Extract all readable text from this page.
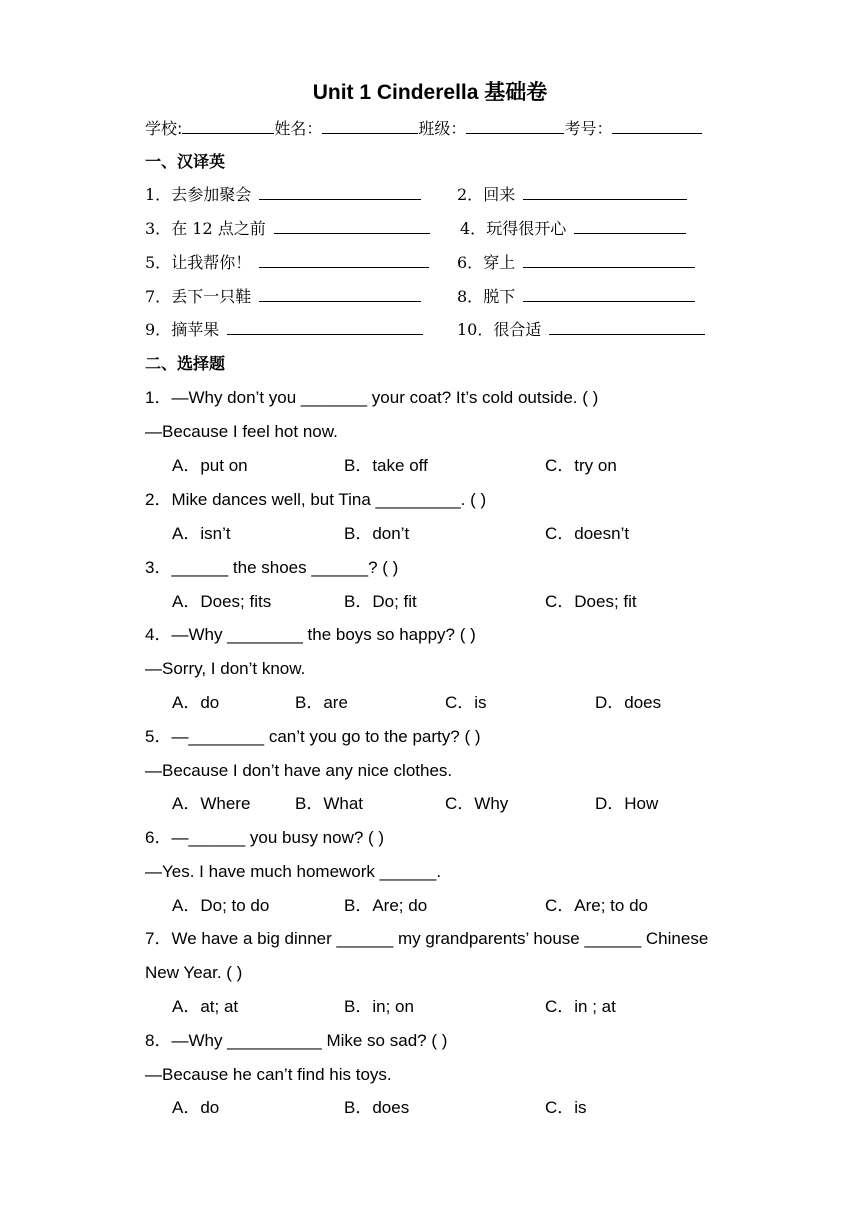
Unit 1 Cinderella 基础卷
学校:	姓名：	班级：	考号：
一、汉译英
1．去参加聚会	2．回来
3．在 12 点之前	4．玩得很开心
5．让我帮你！	6．穿上
7．丢下一只鞋	8．脱下
9．摘苹果	10．很合适
二、选择题
1．—Why don’t you _______ your coat? It’s cold outside. ( )
—Because I feel hot now.
A．put on	B．take off	C．try on
2．Mike dances well, but Tina _________. ( )
A．isn’t	B．don’t	C．doesn’t
3．______ the shoes ______? ( )
A．Does; fits	B．Do; fit	C．Does; fit
4．—Why ________ the boys so happy? ( )
—Sorry, I don’t know.
A．do	B．are	C．is	D．does
5．—________ can’t you go to the party? ( )
—Because I don’t have any nice clothes.
A．Where	B．What	C．Why	D．How
6．—______ you busy now? ( )
—Yes. I have much homework ______.
A．Do; to do	B．Are; do	C．Are; to do
7．We have a big dinner ______ my grandparents’ house ______ Chinese
New Year. ( )
A．at; at	B．in; on	C．in ; at
8．—Why __________ Mike so sad? ( )
—Because he can’t find his toys.
A．do	B．does	C．is
